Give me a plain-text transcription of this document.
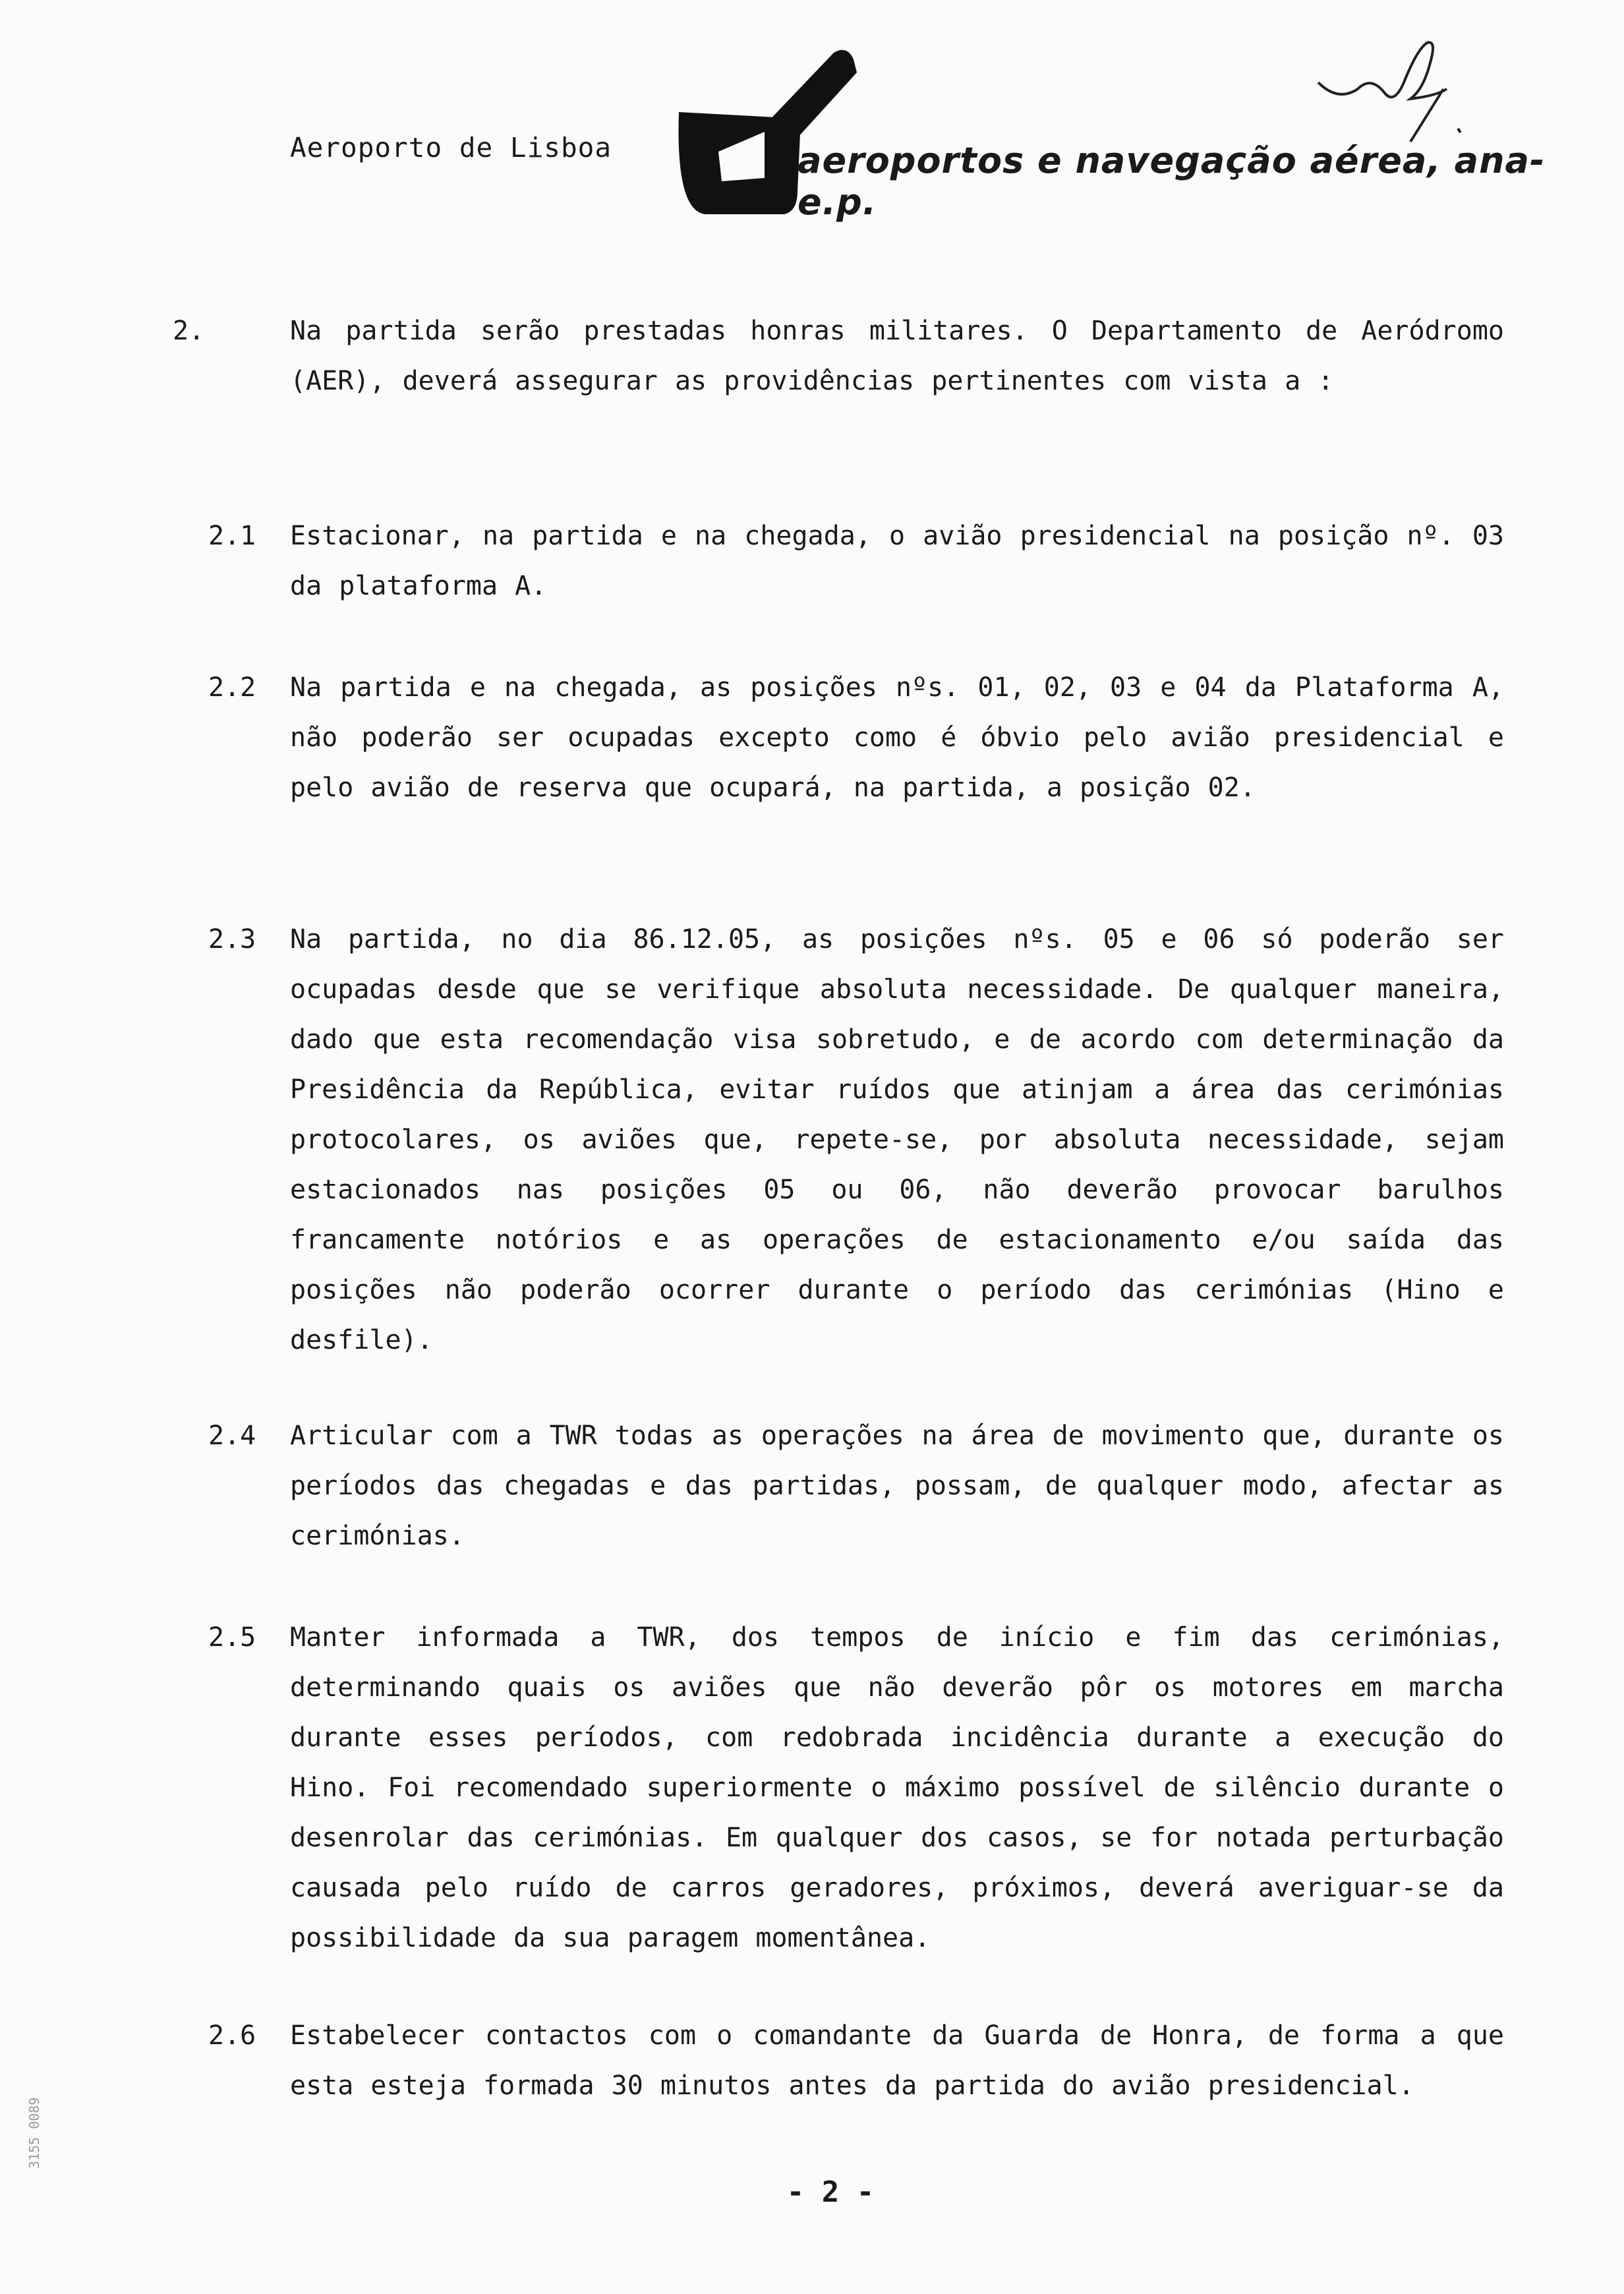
Aeroporto de Lisboa	aeroportos e navegação aérea, anа-e.p.
2.	Na partida serão prestadas honras militares. O Departamento de Aeródromo (AER), deverá assegurar as providências pertinentes com vista a :
2.1 Estacionar, na partida e na chegada, o avião presidencial na posição nº. 03 da plataforma A.
2.2 Na partida e na chegada, as posições nºs. 01, 02, 03 e 04 da Plataforma A, não poderão ser ocupadas excepto como é óbvio pelo avião presidencial e pelo avião de reserva que ocupará, na partida, a posição 02.
2.3 Na partida, no dia 86.12.05, as posições nºs. 05 e 06 só poderão ser ocupadas desde que se verifique absoluta necessidade. De qualquer maneira, dado que esta recomendação visa sobretudo, e de acordo com determinação da Presidência da República, evitar ruídos que atinjam a área das cerimónias protocolares, os aviões que, repete-se, por absoluta necessidade, sejam estacionados nas posições 05 ou 06, não deverão provocar barulhos francamente notórios e as operações de estacionamento e/ou saída das posições não poderão ocorrer durante o período das cerimónias (Hino e desfile).
2.4 Articular com a TWR todas as operações na área de movimento que, durante os períodos das chegadas e das partidas, possam, de qualquer modo, afectar as cerimónias.
2.5 Manter informada a TWR, dos tempos de início e fim das cerimónias, determinando quais os aviões que não deverão pôr os motores em marcha durante esses períodos, com redobrada incidência durante a execução do Hino. Foi recomendado superiormente o máximo possível de silêncio durante o desenrolar das cerimónias. Em qualquer dos casos, se for notada perturbação causada pelo ruído de carros geradores, próximos, deverá averiguar-se da possibilidade da sua paragem momentânea.
2.6 Estabelecer contactos com o comandante da Guarda de Honra, de forma a que esta esteja formada 30 minutos antes da partida do avião presidencial.
- 2 -
3155 0089
